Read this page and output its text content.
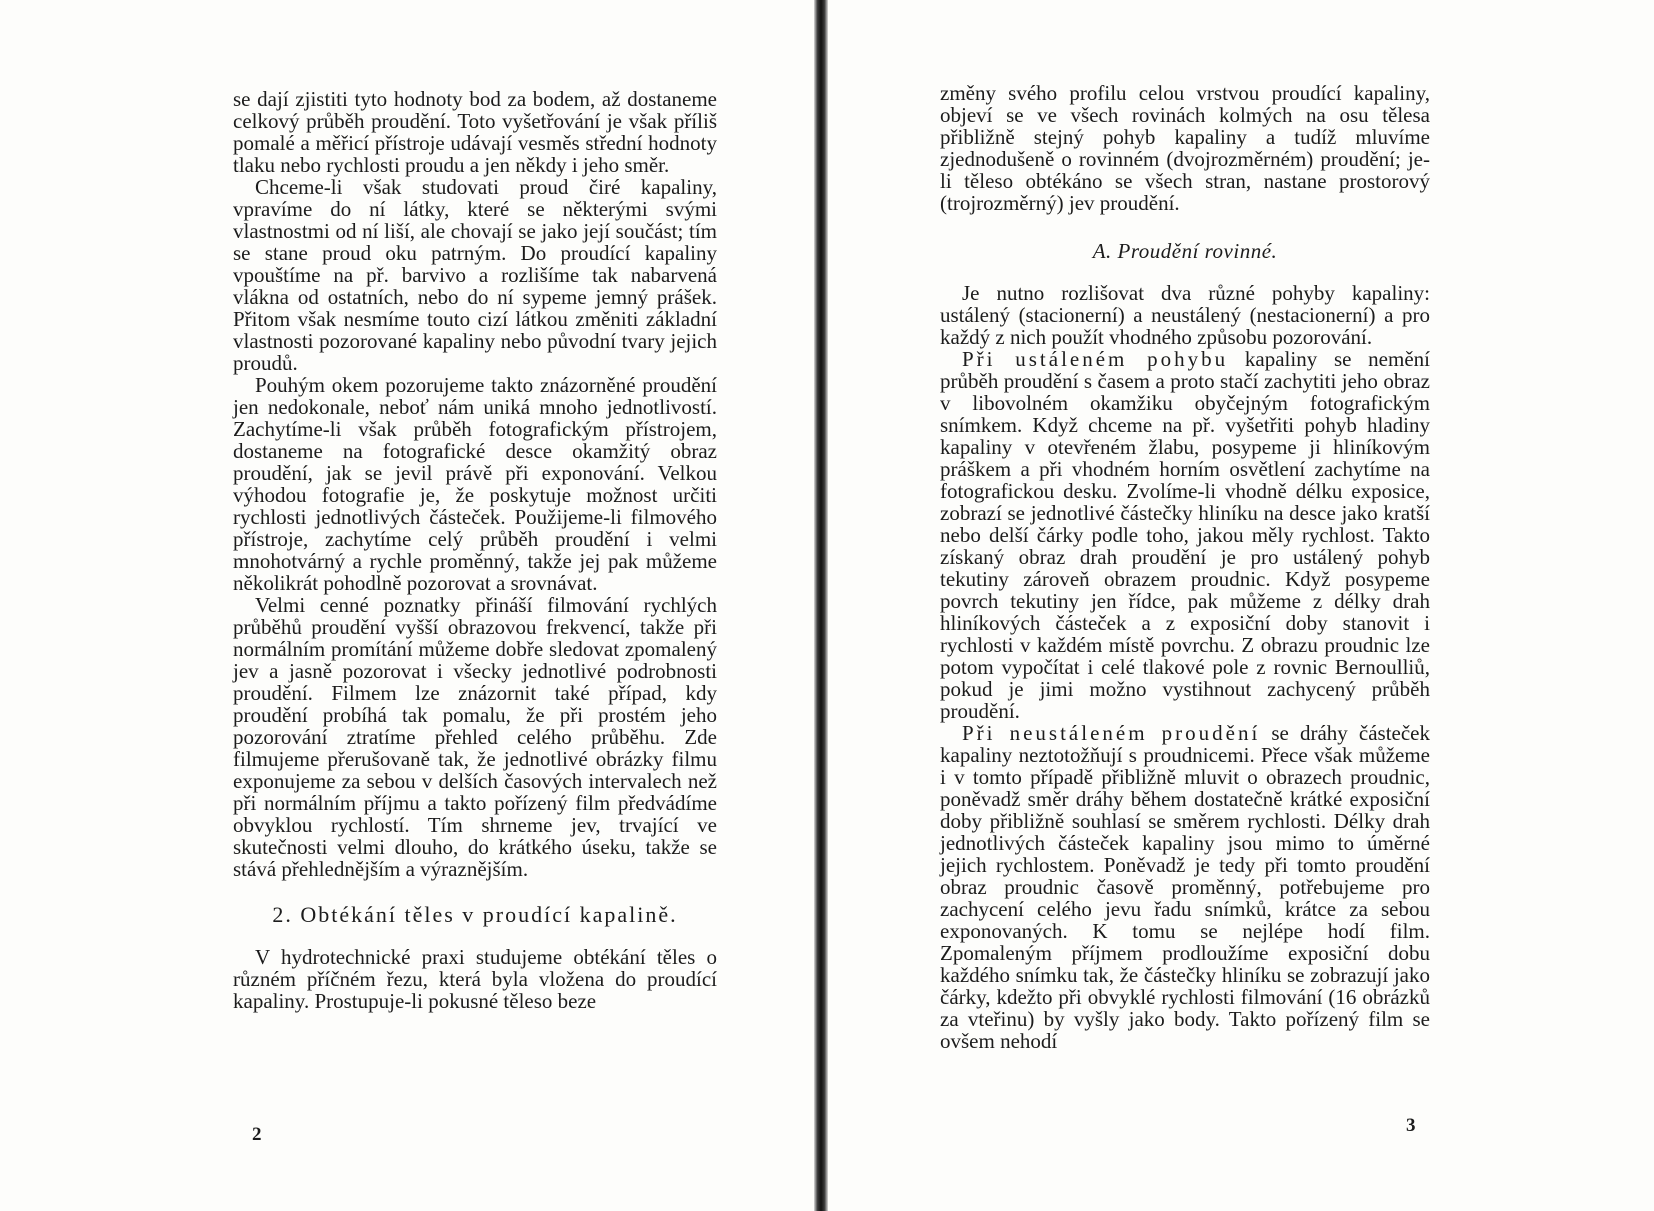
se dají zjistiti tyto hodnoty bod za bodem, až dostaneme celkový průběh proudění. Toto vyšetřování je však příliš pomalé a měřicí přístroje udávají vesměs střední hodnoty tlaku nebo rychlosti proudu a jen někdy i jeho směr.

Chceme-li však studovati proud čiré kapaliny, vpravíme do ní látky, které se některými svými vlastnostmi od ní liší, ale chovají se jako její součást; tím se stane proud oku patrným. Do proudící kapaliny vpouštíme na př. barvivo a rozlišíme tak nabarvená vlákna od ostatních, nebo do ní sypeme jemný prášek. Přitom však nesmíme touto cizí látkou změniti základní vlastnosti pozorované kapaliny nebo původní tvary jejich proudů.

Pouhým okem pozorujeme takto znázorněné proudění jen nedokonale, neboť nám uniká mnoho jednotlivostí. Zachytíme-li však průběh fotografickým přístrojem, dostaneme na fotografické desce okamžitý obraz proudění, jak se jevil právě při exponování. Velkou výhodou fotografie je, že poskytuje možnost určiti rychlosti jednotlivých částeček. Použijeme-li filmového přístroje, zachytíme celý průběh proudění i velmi mnohotvárný a rychle proměnný, takže jej pak můžeme několikrát pohodlně pozorovat a srovnávat.

Velmi cenné poznatky přináší filmování rychlých průběhů proudění vyšší obrazovou frekvencí, takže při normálním promítání můžeme dobře sledovat zpomalený jev a jasně pozorovat i všecky jednotlivé podrobnosti proudění. Filmem lze znázornit také případ, kdy proudění probíhá tak pomalu, že při prostém jeho pozorování ztratíme přehled celého průběhu. Zde filmujeme přerušovaně tak, že jednotlivé obrázky filmu exponujeme za sebou v delších časových intervalech než při normálním příjmu a takto pořízený film předvádíme obvyklou rychlostí. Tím shrneme jev, trvající ve skutečnosti velmi dlouho, do krátkého úseku, takže se stává přehlednějším a výraznějším.

2. Obtékání těles v proudící kapalině.

V hydrotechnické praxi studujeme obtékání těles o různém příčném řezu, která byla vložena do proudící kapaliny. Prostupuje-li pokusné těleso beze

2

změny svého profilu celou vrstvou proudící kapaliny, objeví se ve všech rovinách kolmých na osu tělesa přibližně stejný pohyb kapaliny a tudíž mluvíme zjednodušeně o rovinném (dvojrozměrném) proudění; je-li těleso obtékáno se všech stran, nastane prostorový (trojrozměrný) jev proudění.

A. Proudění rovinné.

Je nutno rozlišovat dva různé pohyby kapaliny: ustálený (stacionerní) a neustálený (nestacionerní) a pro každý z nich použít vhodného způsobu pozorování.

Při ustáleném pohybu kapaliny se nemění průběh proudění s časem a proto stačí zachytiti jeho obraz v libovolném okamžiku obyčejným fotografickým snímkem. Když chceme na př. vyšetřiti pohyb hladiny kapaliny v otevřeném žlabu, posypeme ji hliníkovým práškem a při vhodném horním osvětlení zachytíme na fotografickou desku. Zvolíme-li vhodně délku exposice, zobrazí se jednotlivé částečky hliníku na desce jako kratší nebo delší čárky podle toho, jakou měly rychlost. Takto získaný obraz drah proudění je pro ustálený pohyb tekutiny zároveň obrazem proudnic. Když posypeme povrch tekutiny jen řídce, pak můžeme z délky drah hliníkových částeček a z exposiční doby stanovit i rychlosti v každém místě povrchu. Z obrazu proudnic lze potom vypočítat i celé tlakové pole z rovnic Bernoulliů, pokud je jimi možno vystihnout zachycený průběh proudění.

Při neustáleném proudění se dráhy částeček kapaliny neztotožňují s proudnicemi. Přece však můžeme i v tomto případě přibližně mluvit o obrazech proudnic, poněvadž směr dráhy během dostatečně krátké exposiční doby přibližně souhlasí se směrem rychlosti. Délky drah jednotlivých částeček kapaliny jsou mimo to úměrné jejich rychlostem. Poněvadž je tedy při tomto proudění obraz proudnic časově proměnný, potřebujeme pro zachycení celého jevu řadu snímků, krátce za sebou exponovaných. K tomu se nejlépe hodí film. Zpomaleným příjmem prodloužíme exposiční dobu každého snímku tak, že částečky hliníku se zobrazují jako čárky, kdežto při obvyklé rychlosti filmování (16 obrázků za vteřinu) by vyšly jako body. Takto pořízený film se ovšem nehodí

3
